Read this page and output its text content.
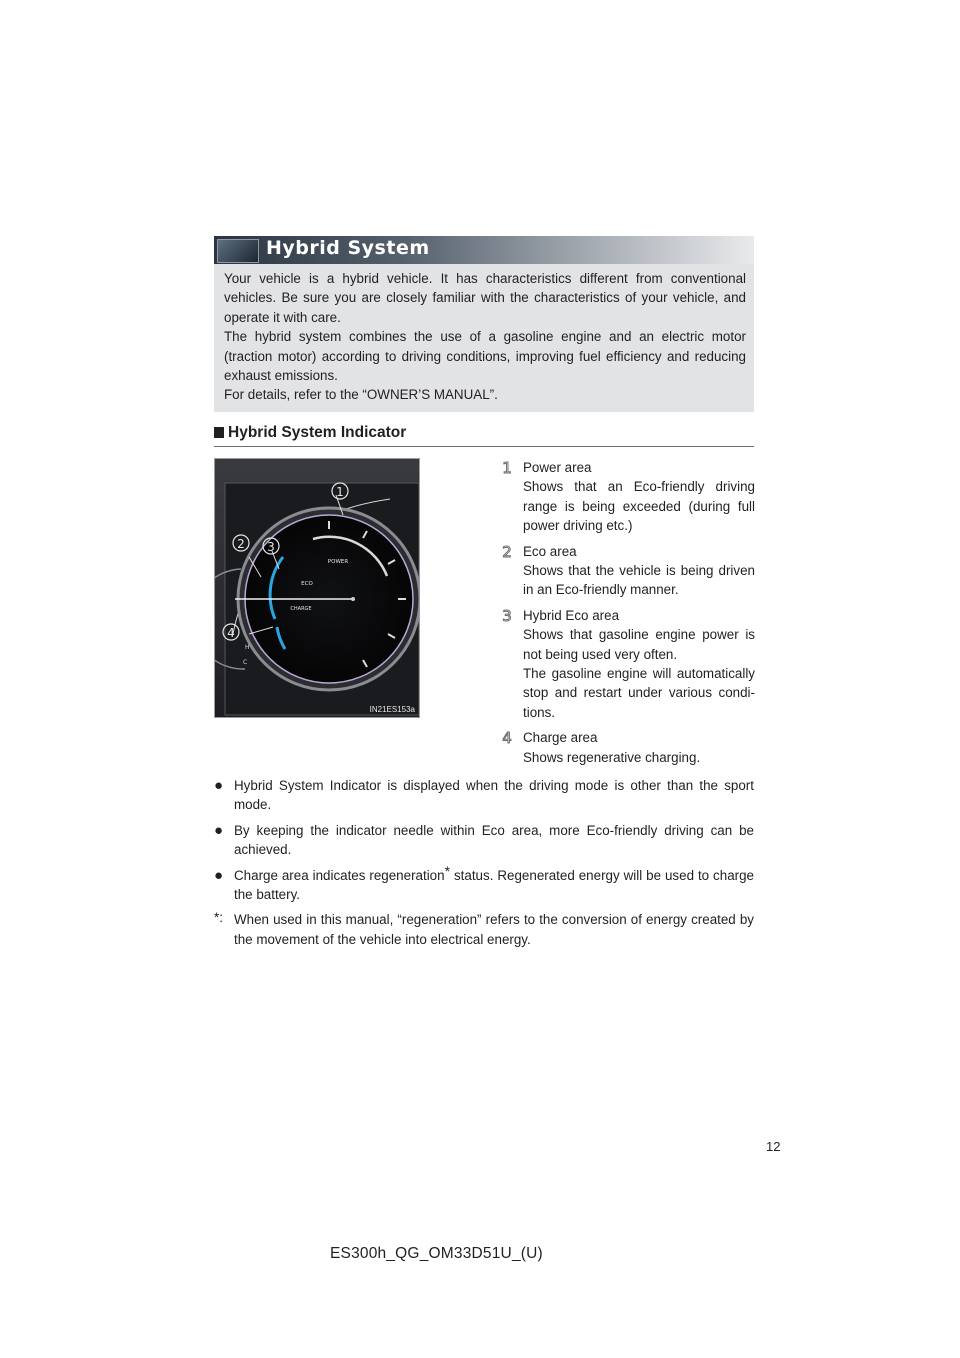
Hybrid System

Your vehicle is a hybrid vehicle. It has characteristics different from conventional vehicles. Be sure you are closely familiar with the characteristics of your vehicle, and operate it with care.

The hybrid system combines the use of a gasoline engine and an electric motor (traction motor) according to driving conditions, improving fuel efficiency and reducing exhaust emissions.

For details, refer to the “OWNER’S MANUAL”.

Hybrid System Indicator
POWER
ECO
CHARGE
H
C
1
2 3
4
IN21ES153a
1 Power area
Shows that an Eco-friendly driving range is being exceeded (during full power driving etc.)
2 Eco area
Shows that the vehicle is being driven in an Eco-friendly manner.
3 Hybrid Eco area
Shows that gasoline engine power is not being used very often.
The gasoline engine will automatically stop and restart under various condi-tions.
4 Charge area
Shows regenerative charging.
● Hybrid System Indicator is displayed when the driving mode is other than the sport mode.
● By keeping the indicator needle within Eco area, more Eco-friendly driving can be achieved.
● Charge area indicates regeneration* status. Regenerated energy will be used to charge the battery.
*: When used in this manual, “regeneration” refers to the conversion of energy created by the movement of the vehicle into electrical energy.
12
ES300h_QG_OM33D51U_(U)
